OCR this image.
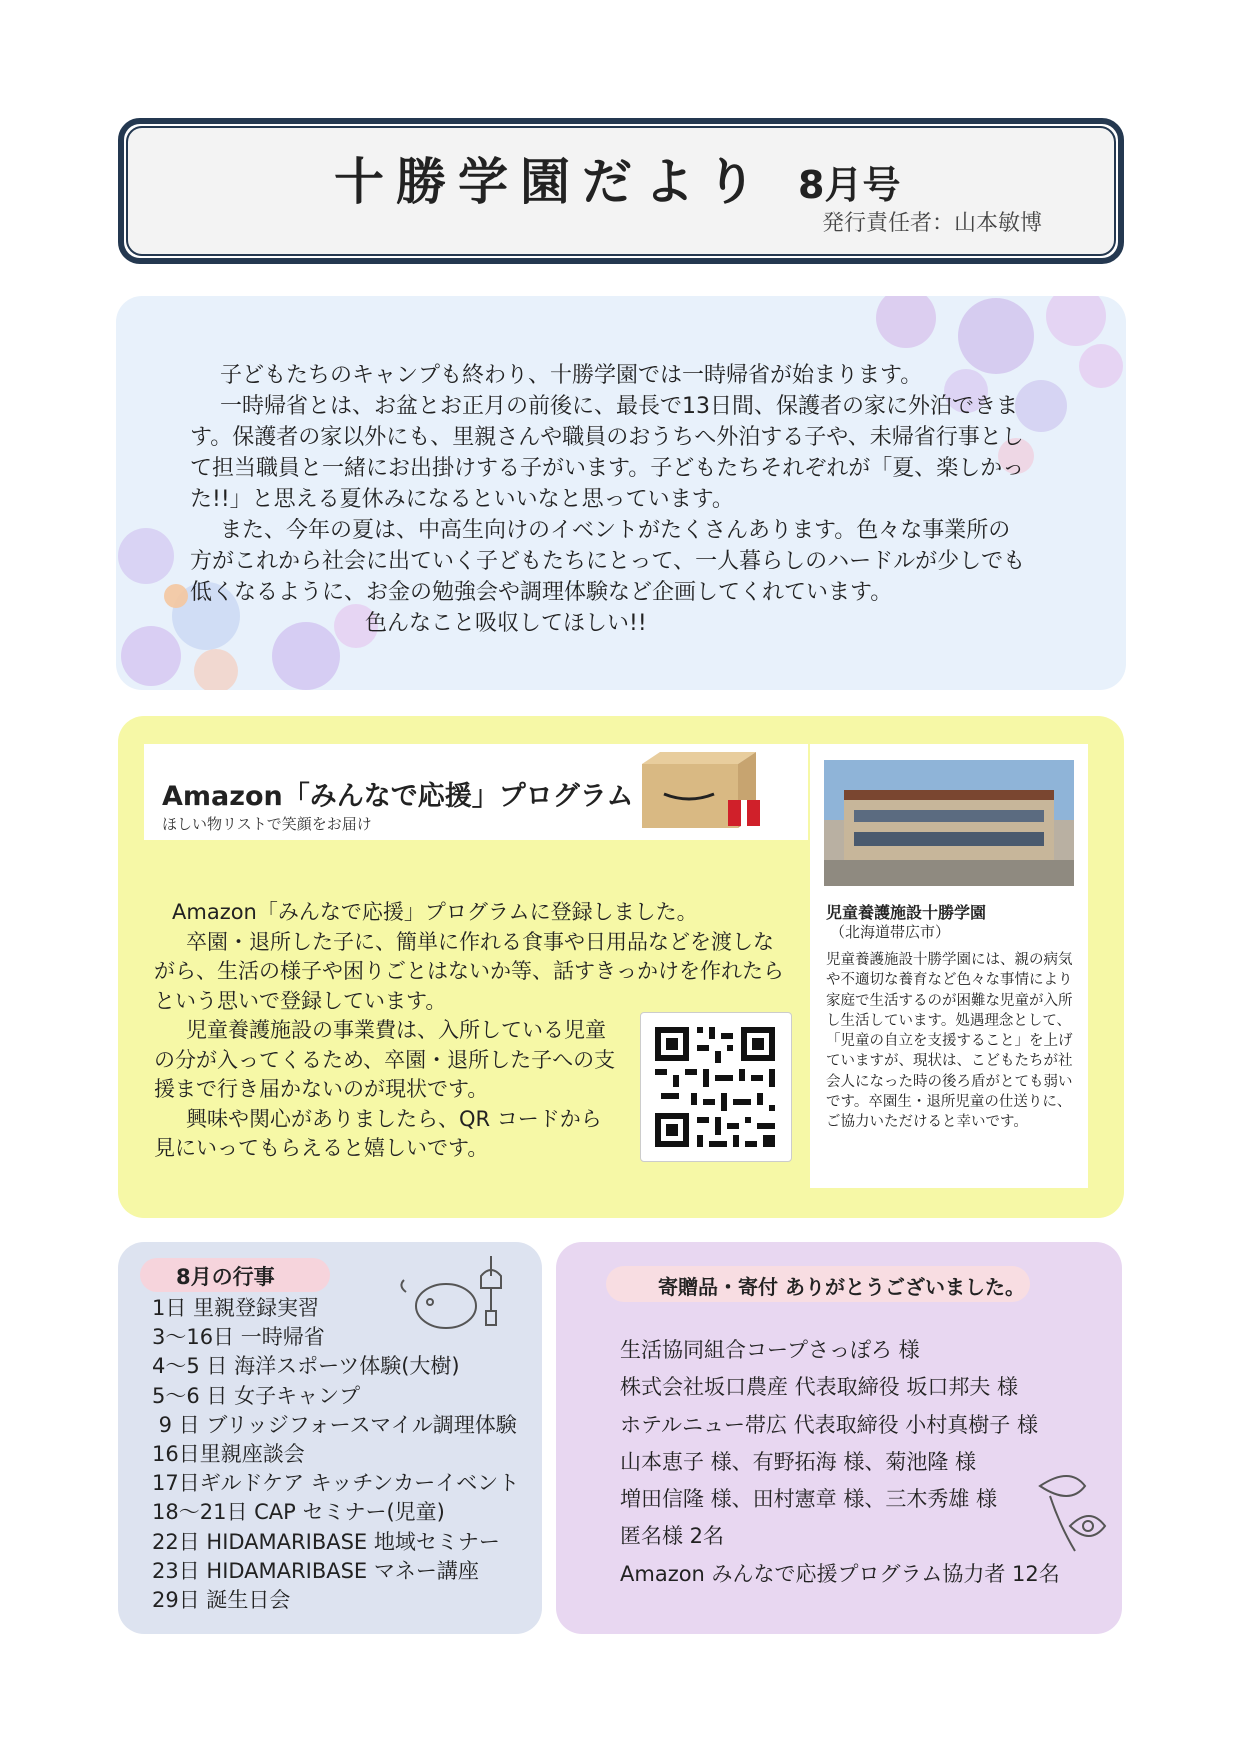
十勝学園だより 8月号
発行責任者：山本敏博

子どもたちのキャンプも終わり、十勝学園では一時帰省が始まります。

一時帰省とは、お盆とお正月の前後に、最長で13日間、保護者の家に外泊できます。保護者の家以外にも、里親さんや職員のおうちへ外泊する子や、未帰省行事として担当職員と一緒にお出掛けする子がいます。子どもたちそれぞれが「夏、楽しかった!!」と思える夏休みになるといいなと思っています。

また、今年の夏は、中高生向けのイベントがたくさんあります。色々な事業所の方がこれから社会に出ていく子どもたちにとって、一人暮らしのハードルが少しでも低くなるように、お金の勉強会や調理体験など企画してくれています。

色んなこと吸収してほしい!!

Amazon「みんなで応援」プログラム
ほしい物リストで笑顔をお届け

Amazon「みんなで応援」プログラムに登録しました。

卒園・退所した子に、簡単に作れる食事や日用品などを渡しながら、生活の様子や困りごとはないか等、話すきっかけを作れたらという思いで登録しています。

児童養護施設の事業費は、入所している児童の分が入ってくるため、卒園・退所した子への支援まで行き届かないのが現状です。

興味や関心がありましたら、QR コードから見にいってもらえると嬉しいです。

児童養護施設十勝学園
（北海道帯広市）

児童養護施設十勝学園には、親の病気や不適切な養育など色々な事情により家庭で生活するのが困難な児童が入所し生活しています。処遇理念として、「児童の自立を支援すること」を上げていますが、現状は、こどもたちが社会人になった時の後ろ盾がとても弱いです。卒園生・退所児童の仕送りに、ご協力いただけると幸いです。

8月の行事
1日 里親登録実習
3～16日 一時帰省
4～5 日 海洋スポーツ体験(大樹)
5～6 日 女子キャンプ
9 日 ブリッジフォースマイル調理体験
16日里親座談会
17日ギルドケア キッチンカーイベント
18～21日 CAP セミナー(児童)
22日 HIDAMARIBASE 地域セミナー
23日 HIDAMARIBASE マネー講座
29日 誕生日会
寄贈品・寄付 ありがとうございました。
生活協同組合コープさっぽろ 様
株式会社坂口農産 代表取締役 坂口邦夫 様
ホテルニュー帯広 代表取締役 小村真樹子 様
山本恵子 様、有野拓海 様、菊池隆 様
増田信隆 様、田村憲章 様、三木秀雄 様
匿名様 2名
Amazon みんなで応援プログラム協力者 12名
